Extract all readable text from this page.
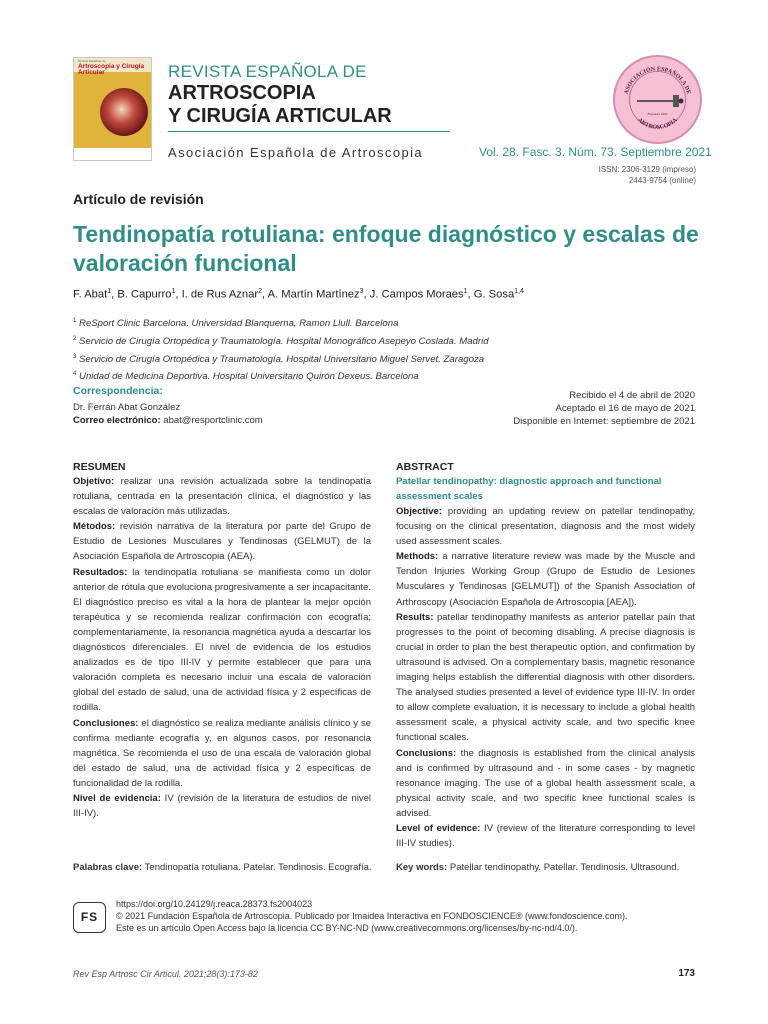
Revista Española de
Artroscopia y Cirugía Articular	REVISTA ESPAÑOLA DE
ARTROSCOPIA
Y CIRUGÍA ARTICULAR
Asociación Española de Artroscopia
ASOCIACIÓN ESPAÑOLA DE
ARTROSCOPIA
Fundada 1992
Vol. 28. Fasc. 3. Núm. 73. Septiembre 2021
ISSN: 2306-3129 (impreso)
2443-9754 (online)
Artículo de revisión
Tendinopatía rotuliana: enfoque diagnóstico y escalas de valoración funcional
F. Abat$^1$, B. Capurro$^1$, I. de Rus Aznar$^2$, A. Martín Martínez$^3$, J. Campos Moraes$^1$, G. Sosa$^{1,4}$
$^1$ ReSport Clinic Barcelona. Universidad Blanquerna, Ramon Llull. Barcelona
$^2$ Servicio de Cirugía Ortopédica y Traumatología. Hospital Monográfico Asepeyo Coslada. Madrid
$^3$ Servicio de Cirugía Ortopédica y Traumatología. Hospital Universitario Miguel Servet. Zaragoza
$^4$ Unidad de Medicina Deportiva. Hospital Universitario Quirón Dexeus. Barcelona
Correspondencia:
Dr. Ferrán Abat González
Correo electrónico: abat@resportclinic.com
Recibido el 4 de abril de 2020
Aceptado el 16 de mayo de 2021
Disponible en Internet: septiembre de 2021
RESUMEN

Objetivo: realizar una revisión actualizada sobre la tendinopatía rotuliana, centrada en la presentación clínica, el diagnóstico y las escalas de valoración más utilizadas.

Métodos: revisión narrativa de la literatura por parte del Grupo de Estudio de Lesiones Musculares y Tendinosas (GELMUT) de la Asociación Española de Artroscopia (AEA).

Resultados: la tendinopatía rotuliana se manifiesta como un dolor anterior de rótula que evoluciona progresivamente a ser incapacitante. El diagnóstico preciso es vital a la hora de plantear la mejor opción terapéutica y se recomienda realizar confirmación con ecografía; complementariamente, la resonancia magnética ayuda a descartar los diagnósticos diferenciales. El nivel de evidencia de los estudios analizados es de tipo III-IV y permite establecer que para una valoración completa es necesario incluir una escala de valoración global del estado de salud, una de actividad física y 2 específicas de rodilla.

Conclusiones: el diagnóstico se realiza mediante análisis clínico y se confirma mediante ecografía y, en algunos casos, por resonancia magnética. Se recomienda el uso de una escala de valoración global del estado de salud, una de actividad física y 2 específicas de funcionalidad de la rodilla.

Nivel de evidencia: IV (revisión de la literatura de estudios de nivel III-IV).

ABSTRACT
Patellar tendinopathy: diagnostic approach and functional assessment scales

Objective: providing an updating review on patellar tendinopathy, focusing on the clinical presentation, diagnosis and the most widely used assessment scales.

Methods: a narrative literature review was made by the Muscle and Tendon Injuries Working Group (Grupo de Estudio de Lesiones Musculares y Tendinosas [GELMUT]) of the Spanish Association of Arthroscopy (Asociación Española de Artroscopia [AEA]).

Results: patellar tendinopathy manifests as anterior patellar pain that progresses to the point of becoming disabling. A precise diagnosis is crucial in order to plan the best therapeutic option, and confirmation by ultrasound is advised. On a complementary basis, magnetic resonance imaging helps establish the differential diagnosis with other disorders. The analysed studies presented a level of evidence type III-IV. In order to allow complete evaluation, it is necessary to include a global health assessment scale, a physical activity scale, and two specific knee functional scales.

Conclusions: the diagnosis is established from the clinical analysis and is confirmed by ultrasound and - in some cases - by magnetic resonance imaging. The use of a global health assessment scale, a physical activity scale, and two specific knee functional scales is advised.

Level of evidence: IV (review of the literature corresponding to level III-IV studies).

Palabras clave: Tendinopatía rotuliana. Patelar. Tendinosis. Ecografía.	Key words: Patellar tendinopathy. Patellar. Tendinosis. Ultrasound.
FS
https://doi.org/10.24129/j.reaca.28373.fs2004023
© 2021 Fundación Española de Artroscopia. Publicado por Imaidea Interactiva en FONDOSCIENCE® (www.fondoscience.com).
Este es un artículo Open Access bajo la licencia CC BY-NC-ND (www.creativecommons.org/licenses/by-nc-nd/4.0/).
Rev Esp Artrosc Cir Articul. 2021;28(3):173-82	173
